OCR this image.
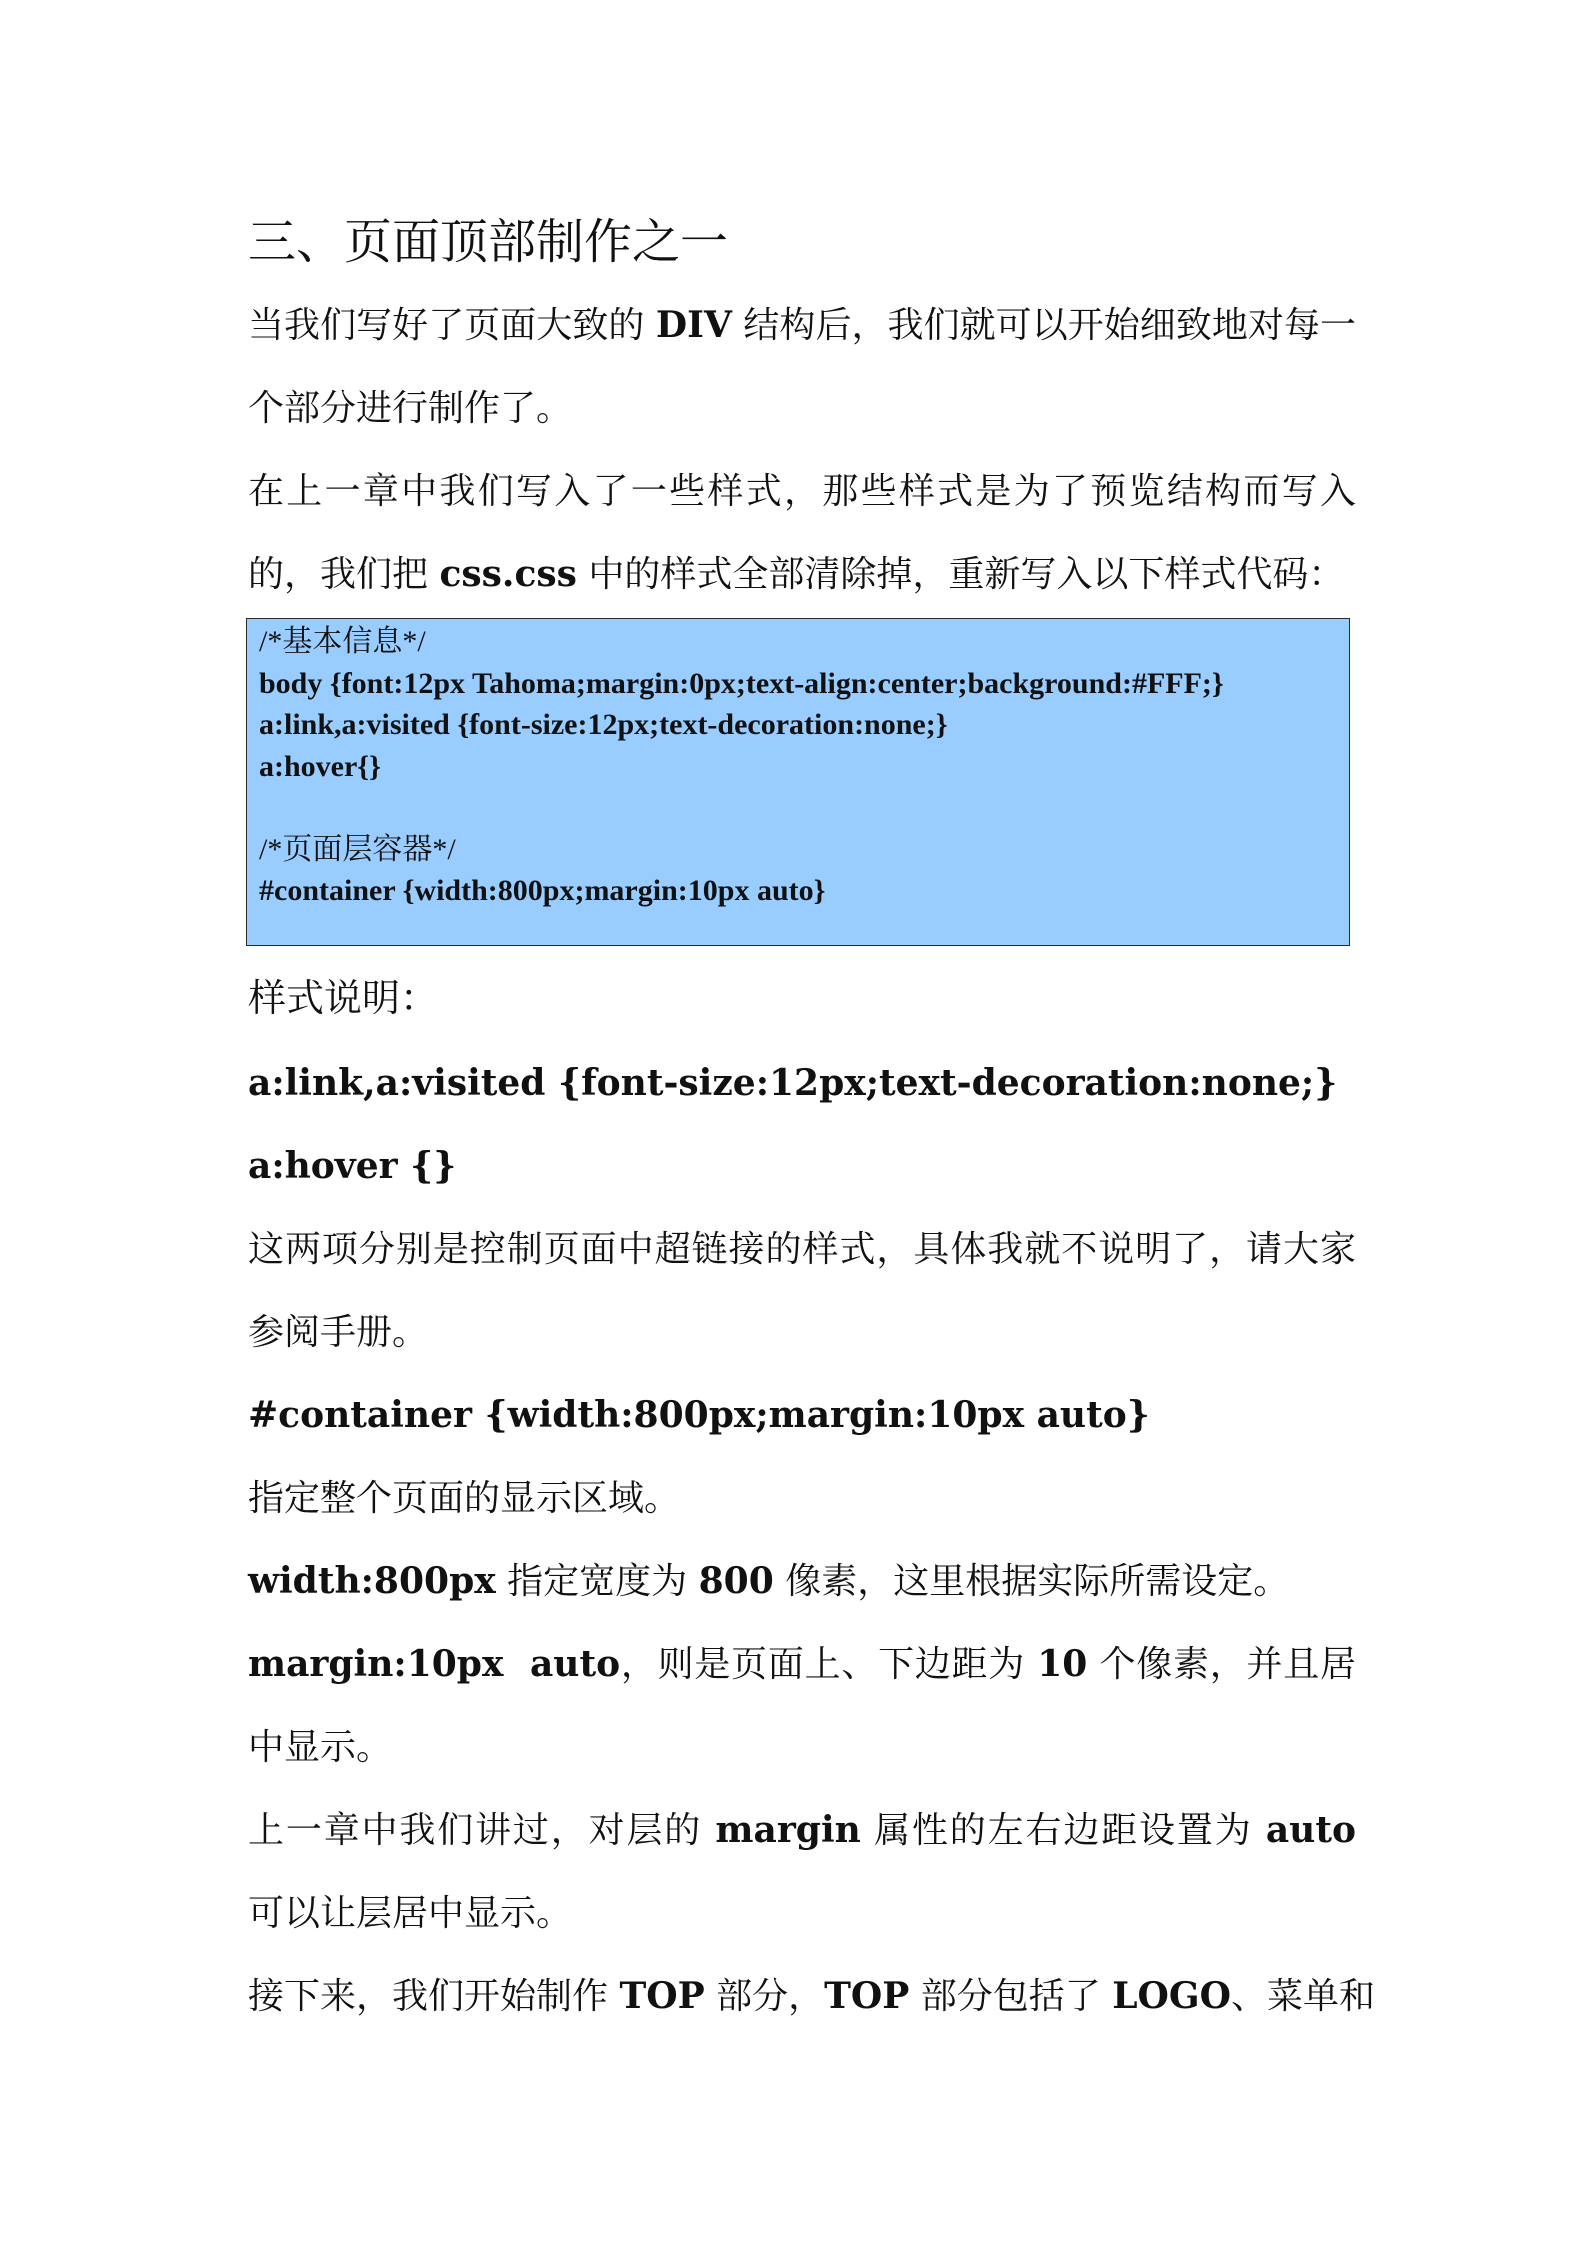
三、页面顶部制作之一

当我们写好了页面大致的 DIV 结构后，我们就可以开始细致地对每一个部分进行制作了。

在上一章中我们写入了一些样式，那些样式是为了预览结构而写入的，我们把 css.css 中的样式全部清除掉，重新写入以下样式代码：

/*基本信息*/
body {font:12px Tahoma;margin:0px;text-align:center;background:#FFF;}
a:link,a:visited {font-size:12px;text-decoration:none;}
a:hover{}
/*页面层容器*/
#container {width:800px;margin:10px auto}

样式说明：

a:link,a:visited {font-size:12px;text-decoration:none;}

a:hover {}

这两项分别是控制页面中超链接的样式，具体我就不说明了，请大家参阅手册。

#container {width:800px;margin:10px auto}

指定整个页面的显示区域。

width:800px 指定宽度为 800 像素，这里根据实际所需设定。

margin:10px  auto，则是页面上、下边距为 10 个像素，并且居中显示。

上一章中我们讲过，对层的 margin 属性的左右边距设置为 auto 可以让层居中显示。

接下来，我们开始制作 TOP 部分，TOP 部分包括了 LOGO、菜单和
